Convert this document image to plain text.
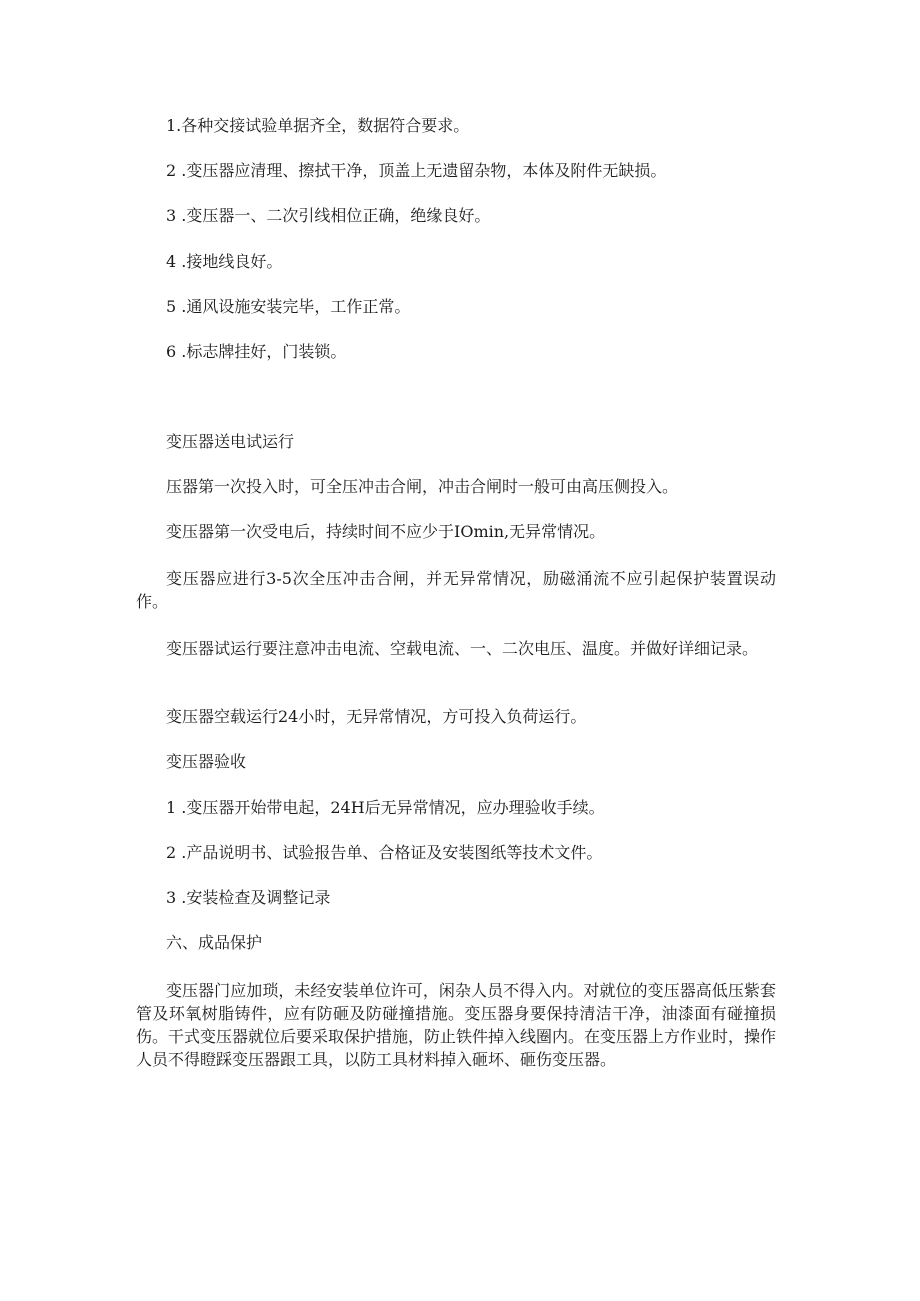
1.各种交接试验单据齐全，数据符合要求。
2 .变压器应清理、擦拭干净，顶盖上无遗留杂物，本体及附件无缺损。
3 .变压器一、二次引线相位正确，绝缘良好。
4 .接地线良好。
5 .通风设施安装完毕，工作正常。
6 .标志牌挂好，门装锁。
变压器送电试运行
压器第一次投入时，可全压冲击合闸，冲击合闸时一般可由高压侧投入。
变压器第一次受电后，持续时间不应少于IOmin,无异常情况。
变压器应进行3-5次全压冲击合闸，并无异常情况，励磁涌流不应引起保护装置误动作。
变压器试运行要注意冲击电流、空载电流、一、二次电压、温度。并做好详细记录。
变压器空载运行24小时，无异常情况，方可投入负荷运行。
变压器验收
1 .变压器开始带电起，24H后无异常情况，应办理验收手续。
2 .产品说明书、试验报告单、合格证及安装图纸等技术文件。
3 .安装检查及调整记录
六、成品保护
变压器门应加琐，未经安装单位许可，闲杂人员不得入内。对就位的变压器高低压紫套管及环氧树脂铸件，应有防砸及防碰撞措施。变压器身要保持清洁干净，油漆面有碰撞损伤。干式变压器就位后要采取保护措施，防止铁件掉入线圈内。在变压器上方作业时，操作人员不得瞪踩变压器跟工具，以防工具材料掉入砸坏、砸伤变压器。
